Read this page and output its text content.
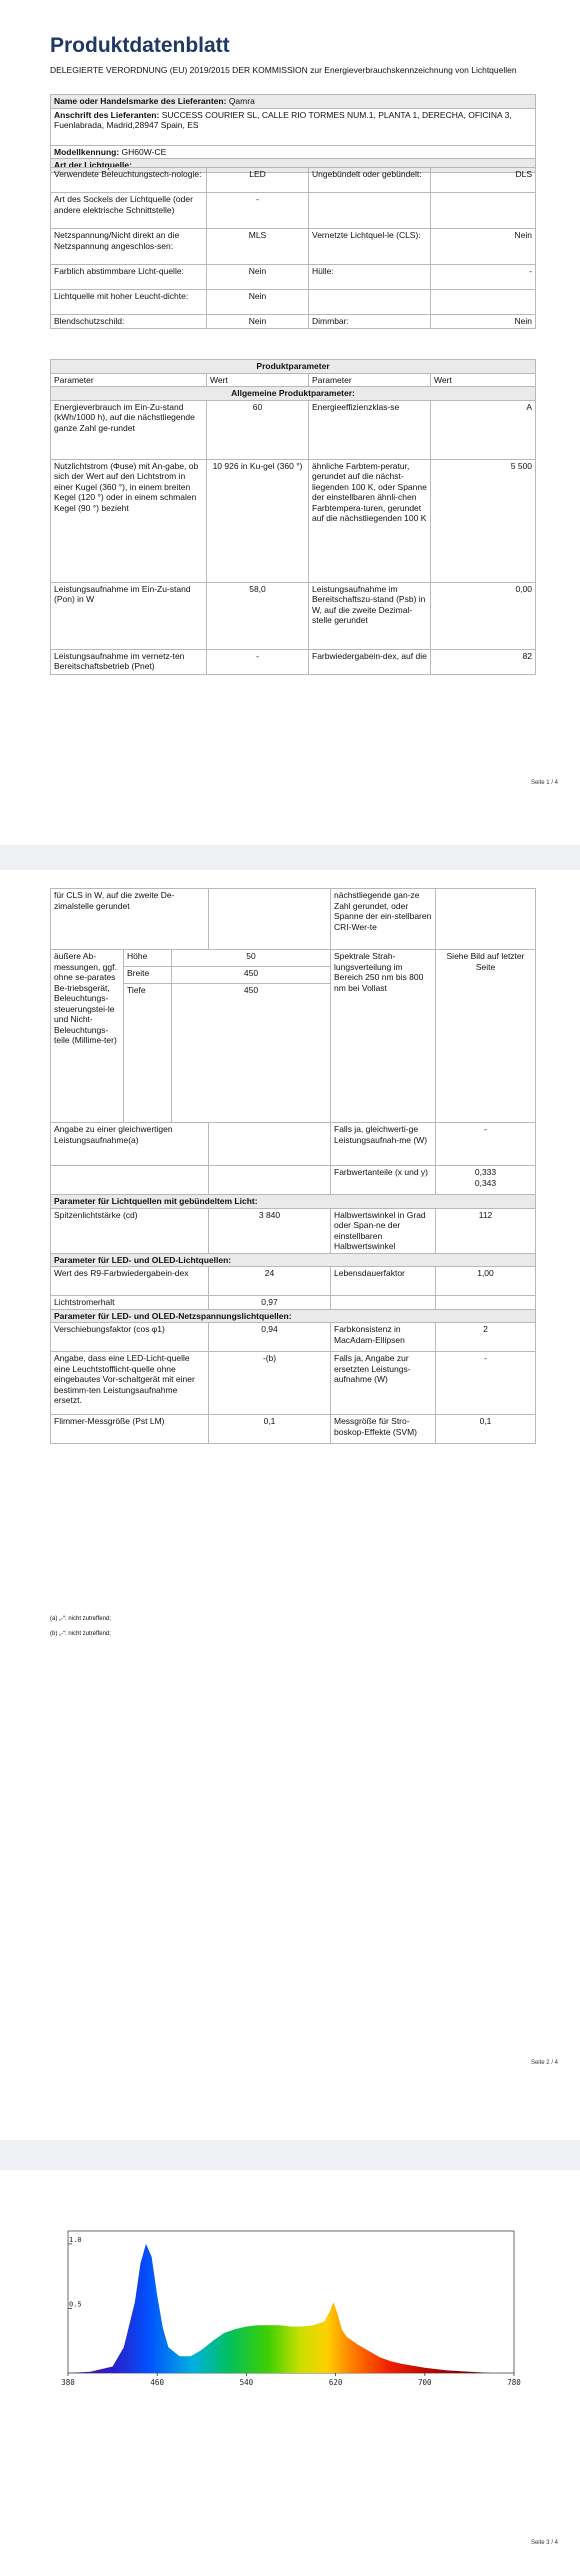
Produktdatenblatt
DELEGIERTE VERORDNUNG (EU) 2019/2015 DER KOMMISSION zur Energieverbrauchskennzeichnung von Lichtquellen
Name oder Handelsmarke des Lieferanten: Qamra
Anschrift des Lieferanten: SUCCESS COURIER SL, CALLE RIO TORMES NUM.1, PLANTA 1, DERECHA, OFICINA 3, Fuenlabrada, Madrid,28947 Spain, ES
Modellkennung: GH60W-CE
Art der Lichtquelle:
Verwendete Beleuchtungstech-nologie:	LED	Ungebündelt oder gebündelt:	DLS
Art des Sockels der Lichtquelle (oder andere elektrische Schnittstelle)	-		
Netzspannung/Nicht direkt an die Netzspannung angeschlos-sen:	MLS	Vernetzte Lichtquel-le (CLS):	Nein
Farblich abstimmbare Licht-quelle:	Nein	Hülle:	-
Lichtquelle mit hoher Leucht-dichte:	Nein		
Blendschutzschild:	Nein	Dimmbar:	Nein
Produktparameter			
Parameter	Wert	Parameter	Wert
Allgemeine Produktparameter:			
Energieverbrauch im Ein-Zu-stand (kWh/1000 h), auf die nächstliegende ganze Zahl ge-rundet	60	Energieeffizienzklas-se	A
Nutzlichtstrom (Φuse) mit An-gabe, ob sich der Wert auf den Lichtstrom in einer Kugel (360 °), in einem breiten Kegel (120 °) oder in einem schmalen Kegel (90 °) bezieht	10 926 in Ku-gel (360 °)	ähnliche Farbtem-peratur, gerundet auf die nächst-liegenden 100 K, oder Spanne der einstellbaren ähnli-chen Farbtempera-turen, gerundet auf die nächstliegenden 100 K	5 500
Leistungsaufnahme im Ein-Zu-stand (Pon) in W	58,0	Leistungsaufnahme im Bereitschaftszu-stand (Psb) in W, auf die zweite Dezimal-stelle gerundet	0,00
Leistungsaufnahme im vernetz-ten Bereitschaftsbetrieb (Pnet)	-	Farbwiedergabein-dex, auf die	82
Seite 1 / 4
für CLS in W, auf die zweite De-zimalstelle gerundet				nächstliegende gan-ze Zahl gerundet, oder Spanne der ein-stellbaren CRI-Wer-te	
äußere Ab-messungen, ggf. ohne se-parates Be-triebsgerät, Beleuchtungs-steuerungstei-le und Nicht-Beleuchtungs-teile (Millime-ter)	Höhe	50		Spektrale Strah-lungsverteilung im Bereich 250 nm bis 800 nm bei Vollast	Siehe Bild auf letzter Seite
	Breite	450			
	Tiefe	450			
Angabe zu einer gleichwertigen Leistungsaufnahme(a)				Falls ja, gleichwerti-ge Leistungsaufnah-me (W)	-
				Farbwertanteile (x und y)	0,333
0,343
Parameter für Lichtquellen mit gebündeltem Licht:					
Spitzenlichtstärke (cd)			3 840	Halbwertswinkel in Grad oder Span-ne der einstellbaren Halbwertswinkel	112
Parameter für LED- und OLED-Lichtquellen:					
Wert des R9-Farbwiedergabein-dex			24	Lebensdauerfaktor	1,00
Lichtstromerhalt			0,97		
Parameter für LED- und OLED-Netzspannungslichtquellen:					
Verschiebungsfaktor (cos φ1)			0,94	Farbkonsistenz in MacAdam-Ellipsen	2
Angabe, dass eine LED-Licht-quelle eine Leuchtstofflicht-quelle ohne eingebautes Vor-schaltgerät mit einer bestimm-ten Leistungsaufnahme ersetzt.			-(b)	Falls ja, Angabe zur ersetzten Leistungs-aufnahme (W)	-
Flimmer-Messgröße (Pst LM)			0,1	Messgröße für Stro-boskop-Effekte (SVM)	0,1
(a) „-“: nicht zutreffend;
(b) „-“: nicht zutreffend;
Seite 2 / 4
Seite 3 / 4
0.5
1.0
380	460	540	620	700	780
